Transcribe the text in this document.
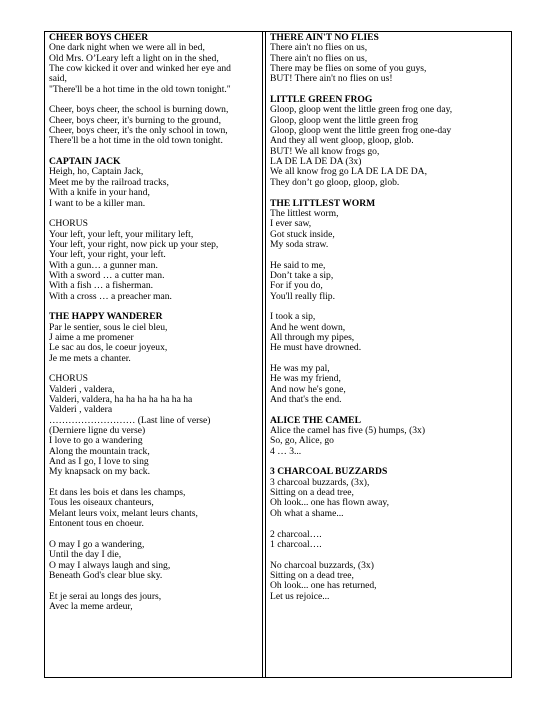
CHEER BOYS CHEER
One dark night when we were all in bed,
Old Mrs. O’Leary left a light on in the shed,
The cow kicked it over and winked her eye and
said,
"There'll be a hot time in the old town tonight."
Cheer, boys cheer, the school is burning down,
Cheer, boys cheer, it's burning to the ground,
Cheer, boys cheer, it's the only school in town,
There'll be a hot time in the old town tonight.
CAPTAIN JACK
Heigh, ho, Captain Jack,
Meet me by the railroad tracks,
With a knife in your hand,
I want to be a killer man.
CHORUS
Your left, your left, your military left,
Your left, your right, now pick up your step,
Your left, your right, your left.
With a gun… a gunner man.
With a sword … a cutter man.
With a fish … a fisherman.
With a cross … a preacher man.
THE HAPPY WANDERER
Par le sentier, sous le ciel bleu,
J aime a me promener
Le sac au dos, le coeur joyeux,
Je me mets a chanter.
CHORUS
Valderi , valdera,
Valderi, valdera, ha ha ha ha ha ha ha
Valderi , valdera
……………………… (Last line of verse)
(Derniere ligne du verse)
I love to go a wandering
Along the mountain track,
And as I go, I love to sing
My knapsack on my back.
Et dans les bois et dans les champs,
Tous les oiseaux chanteurs,
Melant leurs voix, melant leurs chants,
Entonent tous en choeur.
O may I go a wandering,
Until the day I die,
O may I always laugh and sing,
Beneath God's clear blue sky.
Et je serai au longs des jours,
Avec la meme ardeur,
THERE AIN'T NO FLIES
There ain't no flies on us,
There ain't no flies on us,
There may be flies on some of you guys,
BUT! There ain't no flies on us!
LITTLE GREEN FROG
Gloop, gloop went the little green frog one day,
Gloop, gloop went the little green frog
Gloop, gloop went the little green frog one-day
And they all went gloop, gloop, glob.
BUT! We all know frogs go,
LA DE LA DE DA (3x)
We all know frog go LA DE LA DE DA,
They don’t go gloop, gloop, glob.
THE LITTLEST WORM
The littlest worm,
I ever saw,
Got stuck inside,
My soda straw.
He said to me,
Don’t take a sip,
For if you do,
You'll really flip.
I took a sip,
And he went down,
All through my pipes,
He must have drowned.
He was my pal,
He was my friend,
And now he's gone,
And that's the end.
ALICE THE CAMEL
Alice the camel has five (5) humps, (3x)
So, go, Alice, go
4 … 3...
3 CHARCOAL BUZZARDS
3 charcoal buzzards, (3x),
Sitting on a dead tree,
Oh look... one has flown away,
Oh what a shame...
2 charcoal….
1 charcoal….
No charcoal buzzards, (3x)
Sitting on a dead tree,
Oh look... one has returned,
Let us rejoice...
